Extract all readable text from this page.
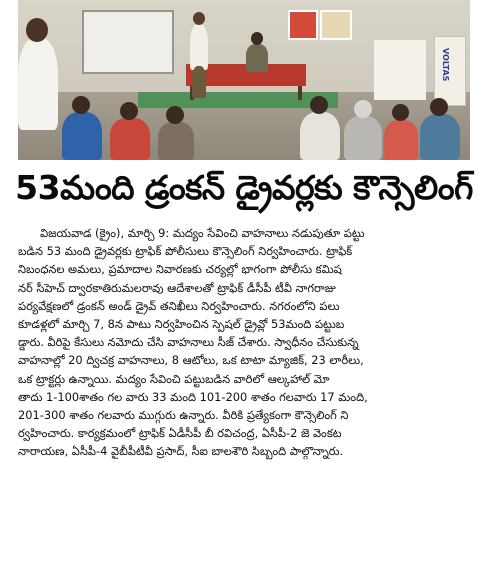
VOLTAS
53మంది డ్రంకన్ డ్రైవర్లకు కౌన్సెలింగ్
విజయవాడ (క్రైం), మార్చి 9: మద్యం సేవించి వాహనాలు నడుపుతూ పట్టు
బడిన 53 మంది డ్రైవర్లకు ట్రాఫిక్ పోలీసులు కౌన్సెలింగ్ నిర్వహించారు. ట్రాఫిక్
నిబంధనల అమలు, ప్రమాదాల నివారణకు చర్యల్లో భాగంగా పోలీసు కమిష
నర్ సీహెచ్ ద్వారకాతిరుమలరావు ఆదేశాలతో ట్రాఫిక్ డీసీపీ టీవీ నాగరాజు
పర్యవేక్షణలో డ్రంకన్ అండ్ డ్రైవ్ తనిఖీలు నిర్వహించారు. నగరంలోని పలు
కూడళ్లలో మార్చి 7, 8న పాటు నిర్వహించిన స్పెషల్ డ్రైవ్లో 53మంది పట్టుబ
డ్డారు. వీరిపై కేసులు నమోదు చేసి వాహనాలు సీజ్ చేశారు. స్వాధీనం చేసుకున్న
వాహనాల్లో 20 ద్విచక్ర వాహనాలు, 8 ఆటోలు, ఒక టాటా మ్యాజిక్, 23 లారీలు,
ఒక ట్రాక్టర్లు ఉన్నాయి. మద్యం సేవించి పట్టుబడిన వారిలో ఆల్కహాల్ మో
తాదు 1-100శాతం గల వారు 33 మంది 101-200 శాతం గలవారు 17 మంది,
201-300 శాతం గలవారు ముగ్గురు ఉన్నారు. వీరికి ప్రత్యేకంగా కౌన్సెలింగ్ ని
ర్వహించారు. కార్యక్రమంలో ట్రాఫిక్ ఏడీసీపీ బీ రవిచంద్ర, ఏసీపీ-2 జె వెంకట
నారాయణ, ఏసీపీ-4 వైబీపీటీవీ ప్రసాద్, సీఐ బాలశౌరి సిబ్బంది పాల్గొన్నారు.
